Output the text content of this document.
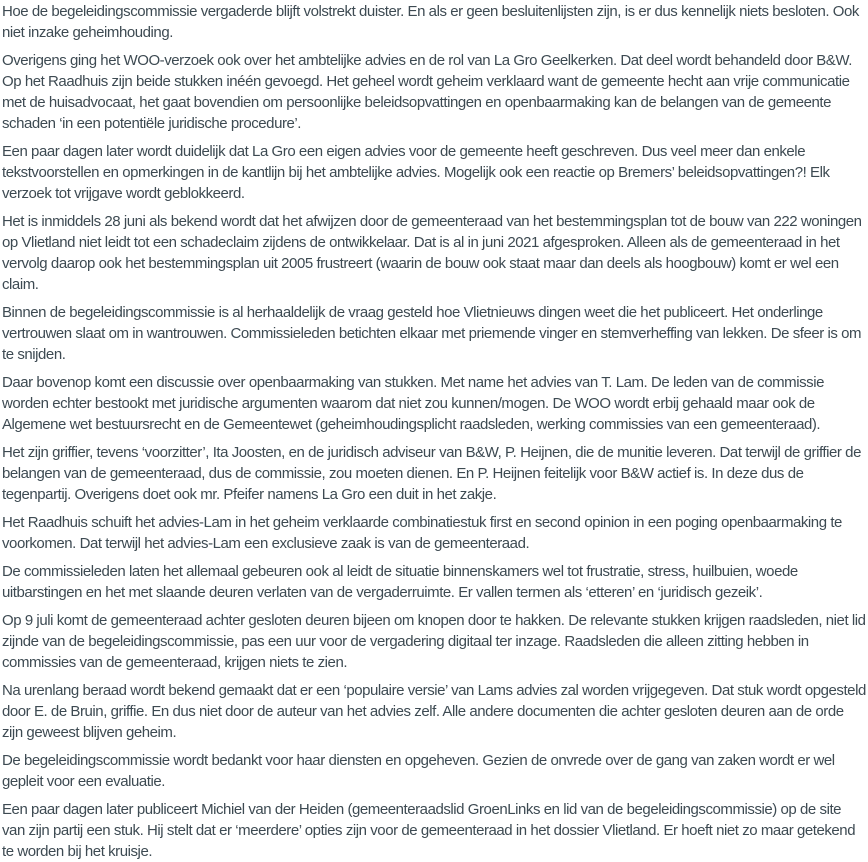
Hoe de begeleidingscommissie vergaderde blijft volstrekt duister. En als er geen besluitenlijsten zijn, is er dus kennelijk niets besloten. Ook niet inzake geheimhouding.

Overigens ging het WOO-verzoek ook over het ambtelijke advies en de rol van La Gro Geelkerken. Dat deel wordt behandeld door B&W. Op het Raadhuis zijn beide stukken inéén gevoegd. Het geheel wordt geheim verklaard want de gemeente hecht aan vrije communicatie met de huisadvocaat, het gaat bovendien om persoonlijke beleidsopvattingen en openbaarmaking kan de belangen van de gemeente schaden ‘in een potentiële juridische procedure’.

Een paar dagen later wordt duidelijk dat La Gro een eigen advies voor de gemeente heeft geschreven. Dus veel meer dan enkele tekstvoorstellen en opmerkingen in de kantlijn bij het ambtelijke advies. Mogelijk ook een reactie op Bremers’ beleidsopvattingen?! Elk verzoek tot vrijgave wordt geblokkeerd.

Het is inmiddels 28 juni als bekend wordt dat het afwijzen door de gemeenteraad van het bestemmingsplan tot de bouw van 222 woningen op Vlietland niet leidt tot een schadeclaim zijdens de ontwikkelaar. Dat is al in juni 2021 afgesproken. Alleen als de gemeenteraad in het vervolg daarop ook het bestemmingsplan uit 2005 frustreert (waarin de bouw ook staat maar dan deels als hoogbouw) komt er wel een claim.

Binnen de begeleidingscommissie is al herhaaldelijk de vraag gesteld hoe Vlietnieuws dingen weet die het publiceert. Het onderlinge vertrouwen slaat om in wantrouwen. Commissieleden betichten elkaar met priemende vinger en stemverheffing van lekken. De sfeer is om te snijden.

Daar bovenop komt een discussie over openbaarmaking van stukken. Met name het advies van T. Lam. De leden van de commissie worden echter bestookt met juridische argumenten waarom dat niet zou kunnen/mogen. De WOO wordt erbij gehaald maar ook de Algemene wet bestuursrecht en de Gemeentewet (geheimhoudingsplicht raadsleden, werking commissies van een gemeenteraad).

Het zijn griffier, tevens ‘voorzitter’, Ita Joosten, en de juridisch adviseur van B&W, P. Heijnen, die de munitie leveren. Dat terwijl de griffier de belangen van de gemeenteraad, dus de commissie, zou moeten dienen. En P. Heijnen feitelijk voor B&W actief is. In deze dus de tegenpartij. Overigens doet ook mr. Pfeifer namens La Gro een duit in het zakje.

Het Raadhuis schuift het advies-Lam in het geheim verklaarde combinatiestuk first en second opinion in een poging openbaarmaking te voorkomen. Dat terwijl het advies-Lam een exclusieve zaak is van de gemeenteraad.

De commissieleden laten het allemaal gebeuren ook al leidt de situatie binnenskamers wel tot frustratie, stress, huilbuien, woede uitbarstingen en het met slaande deuren verlaten van de vergaderruimte. Er vallen termen als ‘etteren’ en ‘juridisch gezeik’.

Op 9 juli komt de gemeenteraad achter gesloten deuren bijeen om knopen door te hakken. De relevante stukken krijgen raadsleden, niet lid zijnde van de begeleidingscommissie, pas een uur voor de vergadering digitaal ter inzage. Raadsleden die alleen zitting hebben in commissies van de gemeenteraad, krijgen niets te zien.

Na urenlang beraad wordt bekend gemaakt dat er een ‘populaire versie’ van Lams advies zal worden vrijgegeven. Dat stuk wordt opgesteld door E. de Bruin, griffie. En dus niet door de auteur van het advies zelf. Alle andere documenten die achter gesloten deuren aan de orde zijn geweest blijven geheim.

De begeleidingscommissie wordt bedankt voor haar diensten en opgeheven. Gezien de onvrede over de gang van zaken wordt er wel gepleit voor een evaluatie.

Een paar dagen later publiceert Michiel van der Heiden (gemeenteraadslid GroenLinks en lid van de begeleidingscommissie) op de site van zijn partij een stuk. Hij stelt dat er ‘meerdere’ opties zijn voor de gemeenteraad in het dossier Vlietland. Er hoeft niet zo maar getekend te worden bij het kruisje.
